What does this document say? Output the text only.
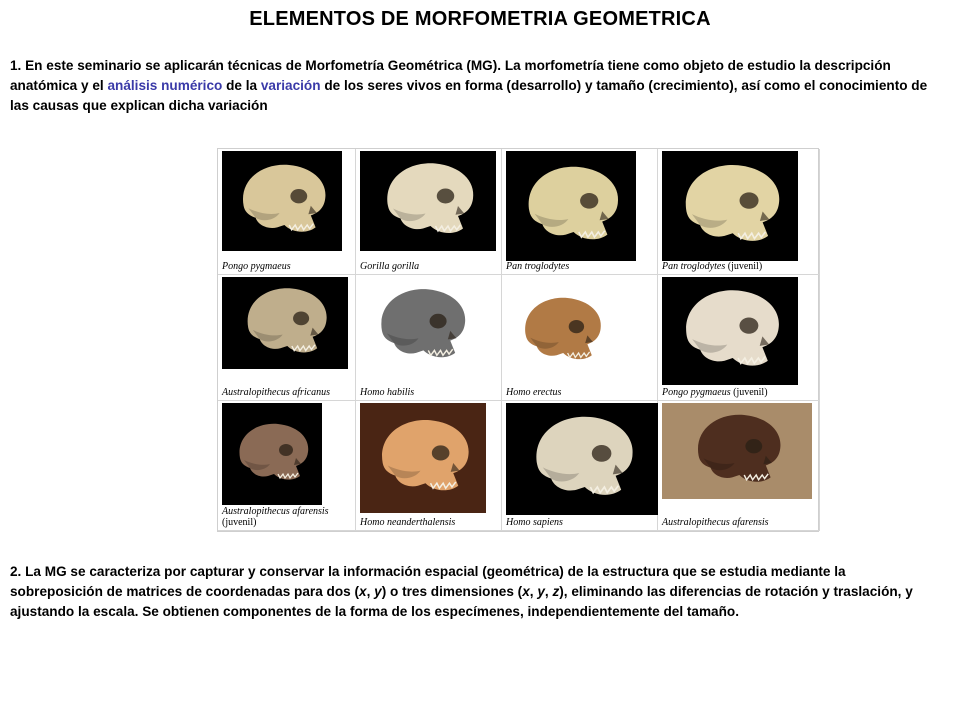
ELEMENTOS DE MORFOMETRIA GEOMETRICA
1. En este seminario se aplicarán técnicas de Morfometría Geométrica (MG). La morfometría tiene como objeto de estudio la descripción anatómica y el análisis numérico de la variación de los seres vivos en forma (desarrollo) y tamaño (crecimiento), así como el conocimiento de las causas que explican dicha variación
Pongo pygmaeus	Gorilla gorilla	Pan troglodytes	Pan troglodytes (juvenil)
Australopithecus africanus	Homo habilis	Homo erectus	Pongo pygmaeus (juvenil)
Australopithecus afarensis
(juvenil)	Homo neanderthalensis	Homo sapiens	Australopithecus afarensis
2. La MG se caracteriza por capturar y conservar la información espacial (geométrica) de la estructura que se estudia mediante la sobreposición de matrices de coordenadas para dos (x, y) o tres dimensiones (x, y, z), eliminando las diferencias de rotación y traslación, y ajustando la escala. Se obtienen componentes de la forma de los especímenes, independientemente del tamaño.
